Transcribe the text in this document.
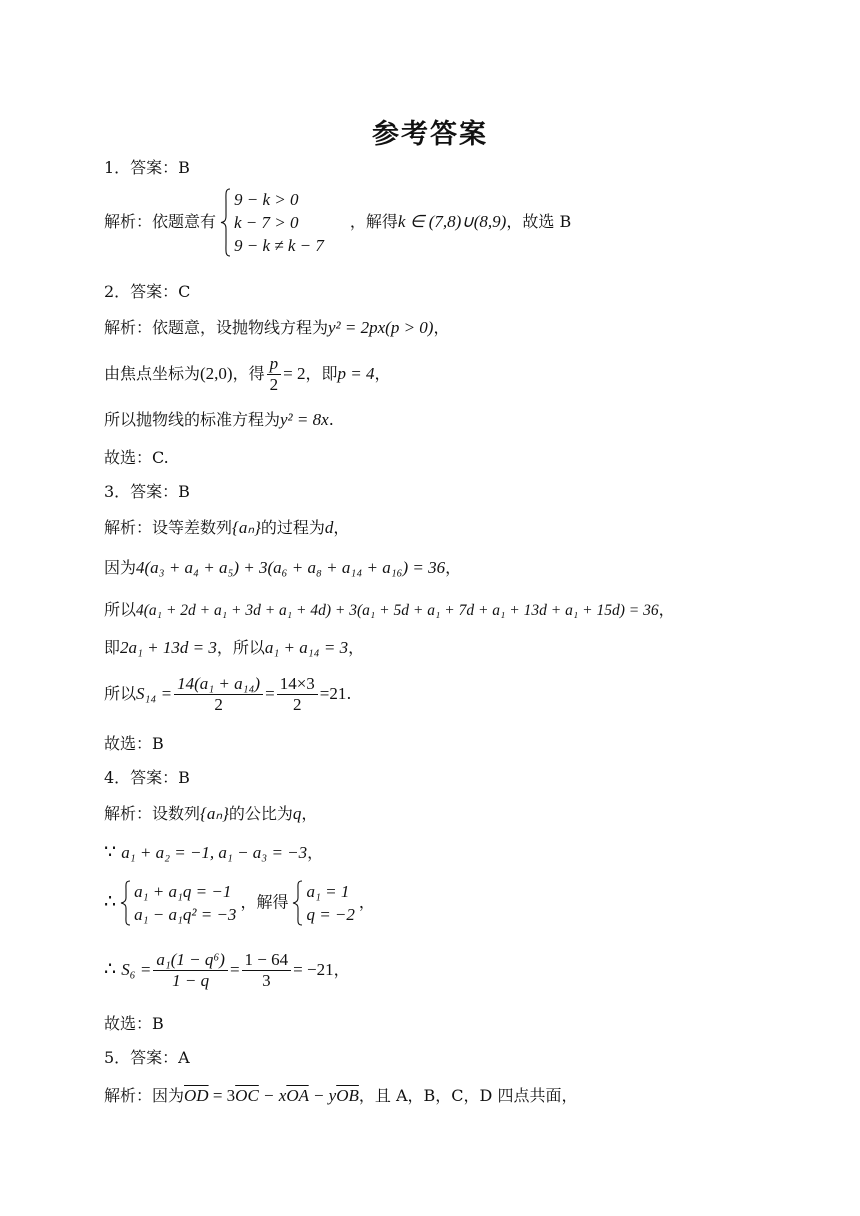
参考答案
1．答案：B
解析：依题意有
9 − k > 0
k − 7 > 0
9 − k ≠ k − 7
，解得k ∈ (7,8)∪(8,9)，故选 B
2．答案：C
解析：依题意，设抛物线方程为y² = 2px(p > 0)，
由焦点坐标为(2,0)，得 $\frac{p}{2} = 2$，即p = 4，
所以抛物线的标准方程为y² = 8x.
故选：C.
3．答案：B
解析：设等差数列{aₙ}的过程为d，
因为4(a₃ + a₄ + a₅) + 3(a₆ + a₈ + a₁₄ + a₁₆) = 36，
所以4(a₁ + 2d + a₁ + 3d + a₁ + 4d) + 3(a₁ + 5d + a₁ + 7d + a₁ + 13d + a₁ + 15d) = 36，
即2a₁ + 13d = 3，所以a₁ + a₁₄ = 3，
所以$S_{14} = \frac{\text{14(a₁ + a₁₄)}}{2} = \frac{14\times 3}{2} =21$.
故选：B
4．答案：B
解析：设数列{aₙ}的公比为q，
∵ a₁ + a₂ = −1, a₁ − a₃ = −3，
∴ a₁ + a₁q = −1
a₁ − a₁q² = −3
，解得
a₁ = 1
q = −2
，
∴ $S_6 = \frac{\text{a₁(1 − q⁶)}}{1 - q} = \frac{1 - 64}{3} = -21$，
故选：B
5．答案：A
解析：因为$\overline{OD} = 3\overline{OC} - x\overline{OA} - y\overline{OB}$，且 A，B，C，D 四点共面，
